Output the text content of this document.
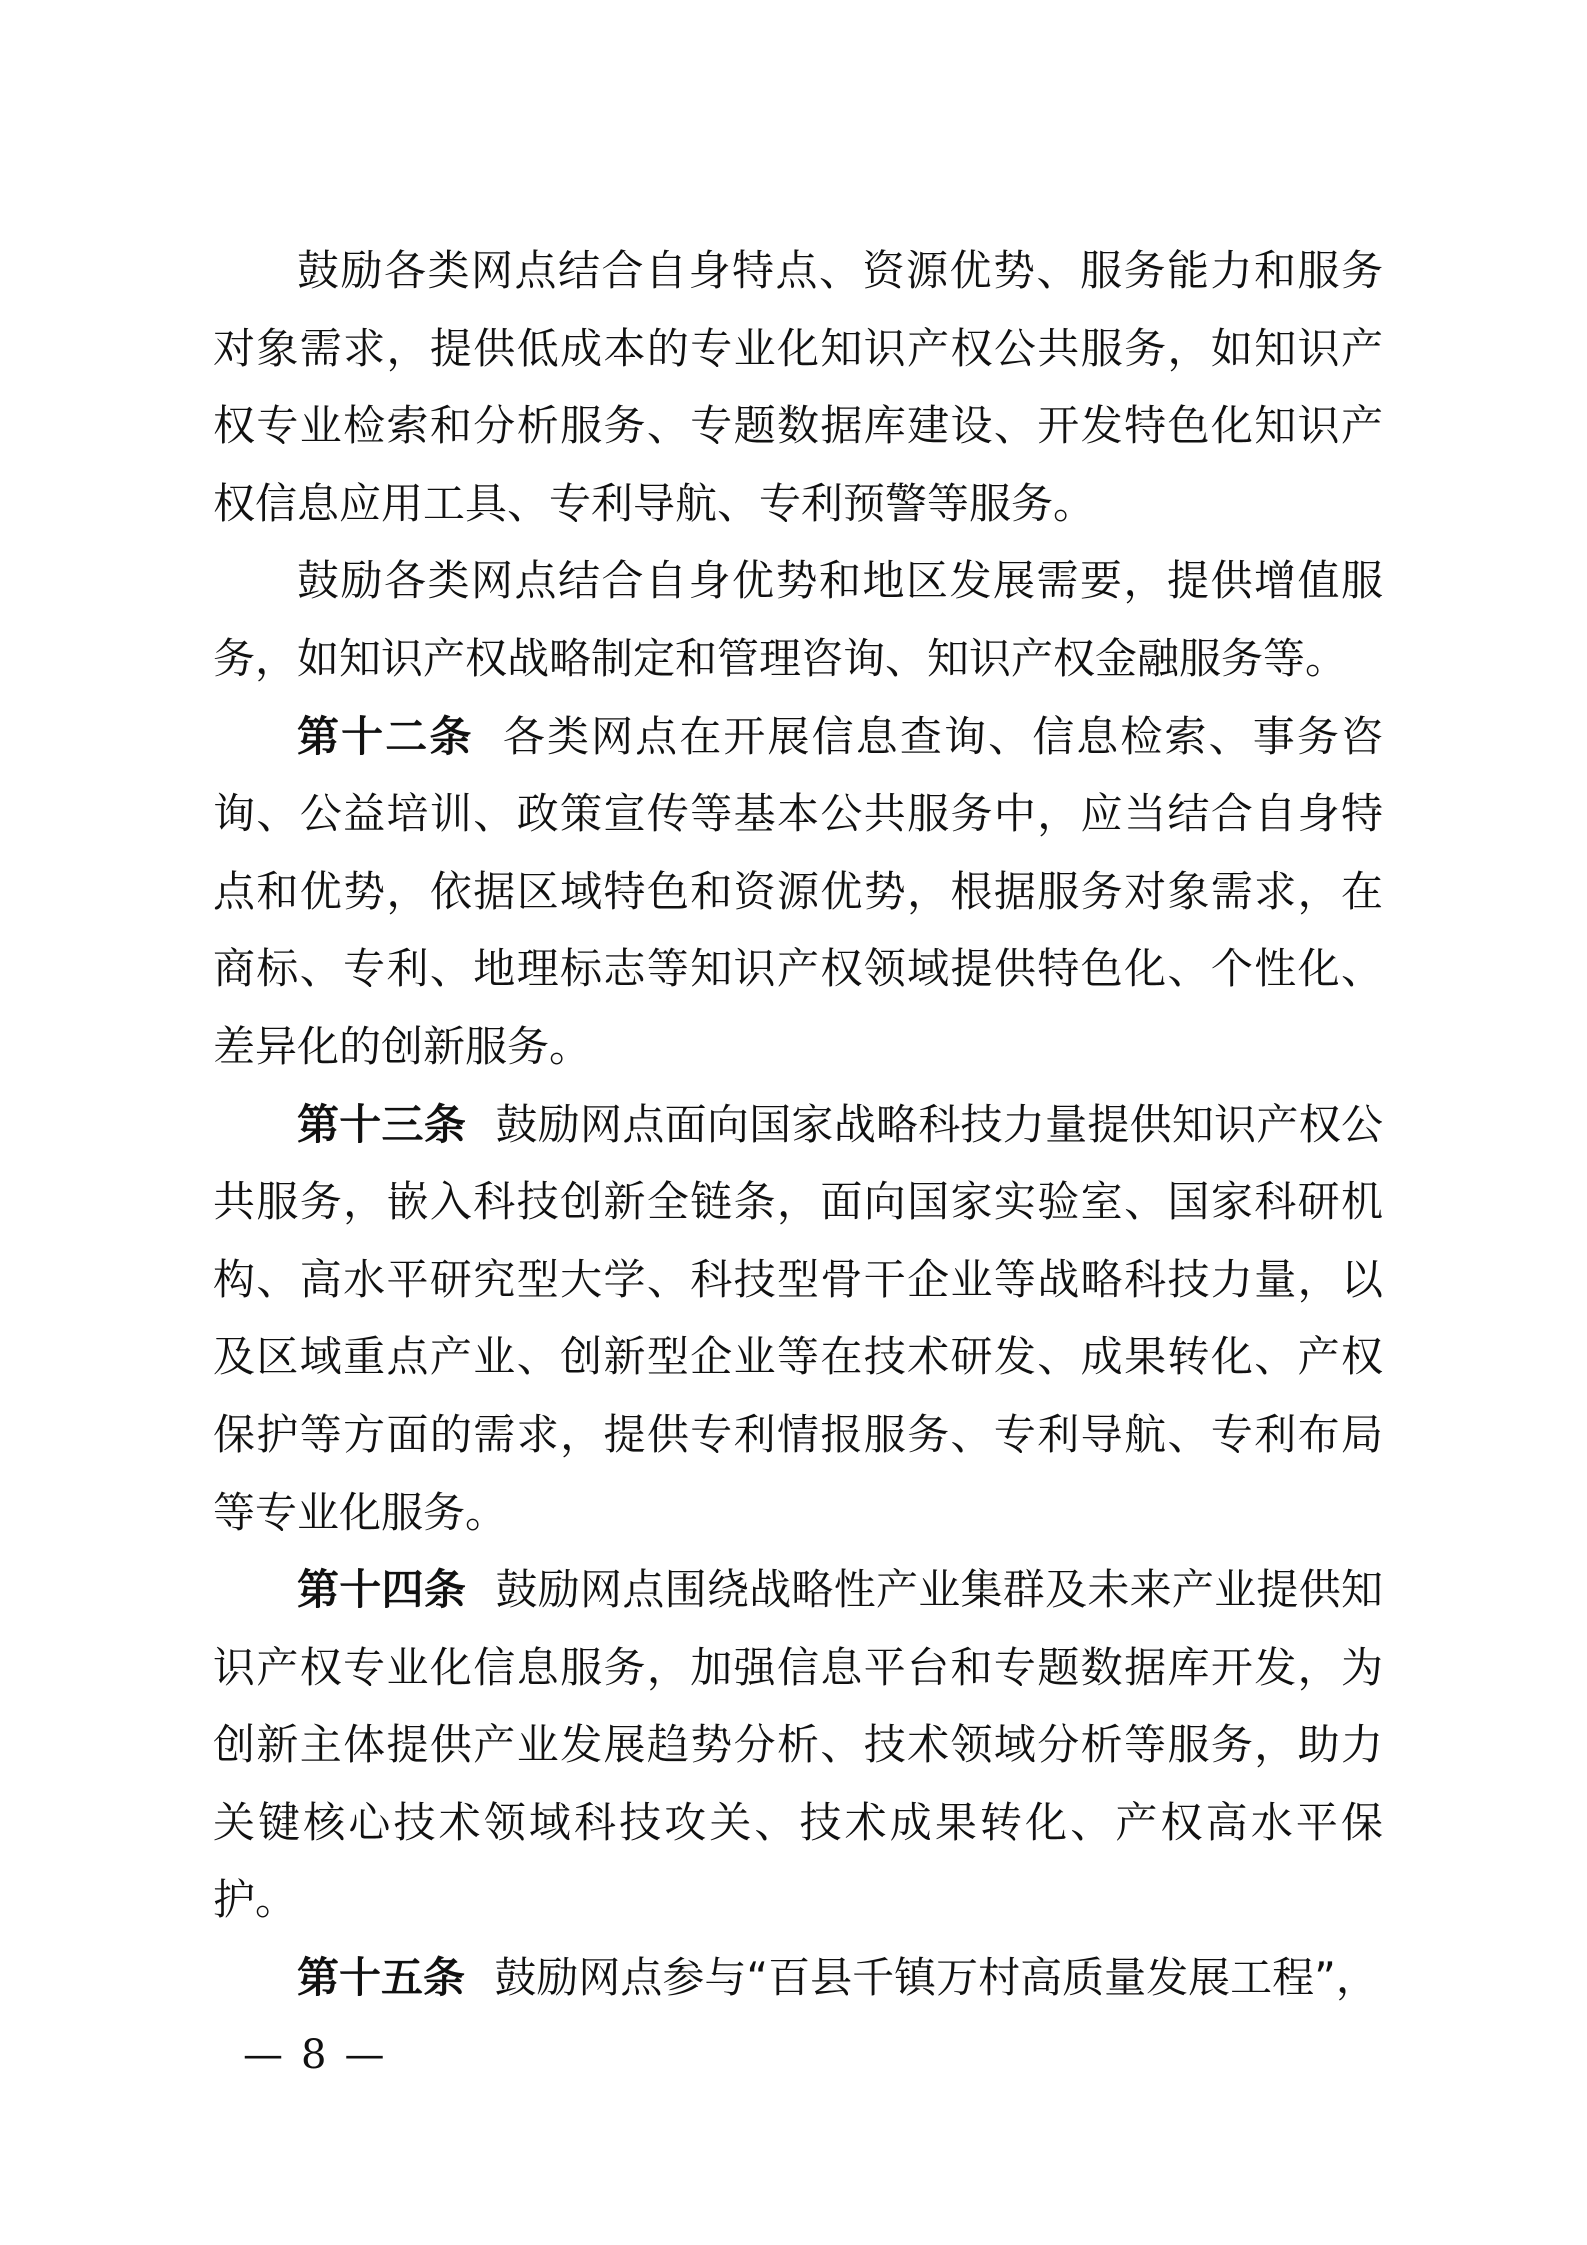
鼓励各类网点结合自身特点、资源优势、服务能力和服务对象需求，提供低成本的专业化知识产权公共服务，如知识产权专业检索和分析服务、专题数据库建设、开发特色化知识产权信息应用工具、专利导航、专利预警等服务。

鼓励各类网点结合自身优势和地区发展需要，提供增值服务，如知识产权战略制定和管理咨询、知识产权金融服务等。

第十二条 各类网点在开展信息查询、信息检索、事务咨询、公益培训、政策宣传等基本公共服务中，应当结合自身特点和优势，依据区域特色和资源优势，根据服务对象需求，在商标、专利、地理标志等知识产权领域提供特色化、个性化、差异化的创新服务。

第十三条 鼓励网点面向国家战略科技力量提供知识产权公共服务，嵌入科技创新全链条，面向国家实验室、国家科研机构、高水平研究型大学、科技型骨干企业等战略科技力量，以及区域重点产业、创新型企业等在技术研发、成果转化、产权保护等方面的需求，提供专利情报服务、专利导航、专利布局等专业化服务。

第十四条 鼓励网点围绕战略性产业集群及未来产业提供知识产权专业化信息服务，加强信息平台和专题数据库开发，为创新主体提供产业发展趋势分析、技术领域分析等服务，助力关键核心技术领域科技攻关、技术成果转化、产权高水平保护。

第十五条 鼓励网点参与“百县千镇万村高质量发展工程”，

— 8 —
